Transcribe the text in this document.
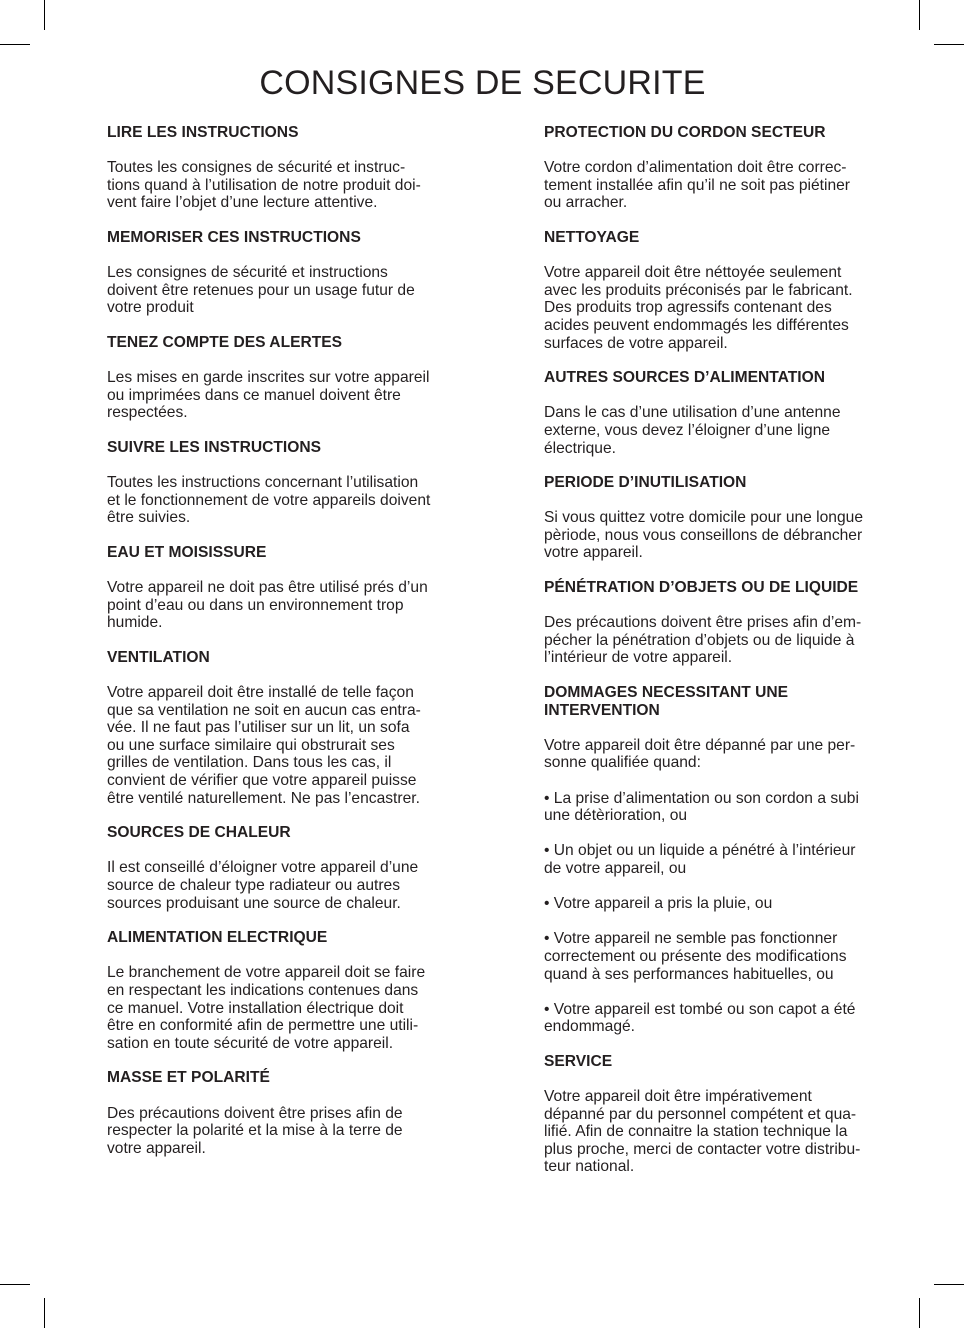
CONSIGNES DE SECURITE
LIRE LES INSTRUCTIONS
Toutes les consignes de sécurité et instruc-
tions quand à l’utilisation de notre produit doi-
vent faire l’objet d’une lecture attentive.
MEMORISER CES INSTRUCTIONS
Les consignes de sécurité et instructions
doivent être retenues pour un usage futur de
votre produit
TENEZ COMPTE DES ALERTES
Les mises en garde inscrites sur votre appareil
ou imprimées dans ce manuel doivent être
respectées.
SUIVRE LES INSTRUCTIONS
Toutes les instructions concernant l’utilisation
et le fonctionnement de votre appareils doivent
être suivies.
EAU ET MOISISSURE
Votre appareil ne doit pas être utilisé prés d’un
point d’eau ou dans un environnement trop
humide.
VENTILATION
Votre appareil doit être installé de telle façon
que sa ventilation ne soit en aucun cas entra-
vée. Il ne faut pas l’utiliser sur un lit, un sofa
ou une surface similaire qui obstrurait ses
grilles de ventilation. Dans tous les cas, il
convient de vérifier que votre appareil puisse
être ventilé naturellement. Ne pas l’encastrer.
SOURCES DE CHALEUR
Il est conseillé d’éloigner votre appareil d’une
source de chaleur type radiateur ou autres
sources produisant une source de chaleur.
ALIMENTATION ELECTRIQUE
Le branchement de votre appareil doit se faire
en respectant les indications contenues dans
ce manuel. Votre installation électrique doit
être en conformité afin de permettre une utili-
sation en toute sécurité de votre appareil.
MASSE ET POLARITÉ
Des précautions doivent être prises afin de
respecter la polarité et la mise à la terre de
votre appareil.
PROTECTION DU CORDON SECTEUR
Votre cordon d’alimentation doit être correc-
tement installée afin qu’il ne soit pas piétiner
ou arracher.
NETTOYAGE
Votre appareil doit être néttoyée seulement
avec les produits préconisés par le fabricant.
Des produits trop agressifs contenant des
acides peuvent endommagés les différentes
surfaces de votre appareil.
AUTRES SOURCES D’ALIMENTATION
Dans le cas d’une utilisation d’une antenne
externe, vous devez l’éloigner d’une ligne
électrique.
PERIODE D’INUTILISATION
Si vous quittez votre domicile pour une longue
pèriode, nous vous conseillons de débrancher
votre appareil.
PÉNÉTRATION D’OBJETS OU DE LIQUIDE
Des précautions doivent être prises afin d’em-
pécher la pénétration d’objets ou de liquide à
l’intérieur de votre appareil.
DOMMAGES NECESSITANT UNE
INTERVENTION
Votre appareil doit être dépanné par une per-
sonne qualifiée quand:
• La prise d’alimentation ou son cordon a subi
une détèrioration, ou
• Un objet ou un liquide a pénétré à l’intérieur
de votre appareil, ou
• Votre appareil a pris la pluie, ou
• Votre appareil ne semble pas fonctionner
correctement ou présente des modifications
quand à ses performances habituelles, ou
• Votre appareil est tombé ou son capot a été
endommagé.
SERVICE
Votre appareil doit être impérativement
dépanné par du personnel compétent et qua-
lifié. Afin de connaitre la station technique la
plus proche, merci de contacter votre distribu-
teur national.
